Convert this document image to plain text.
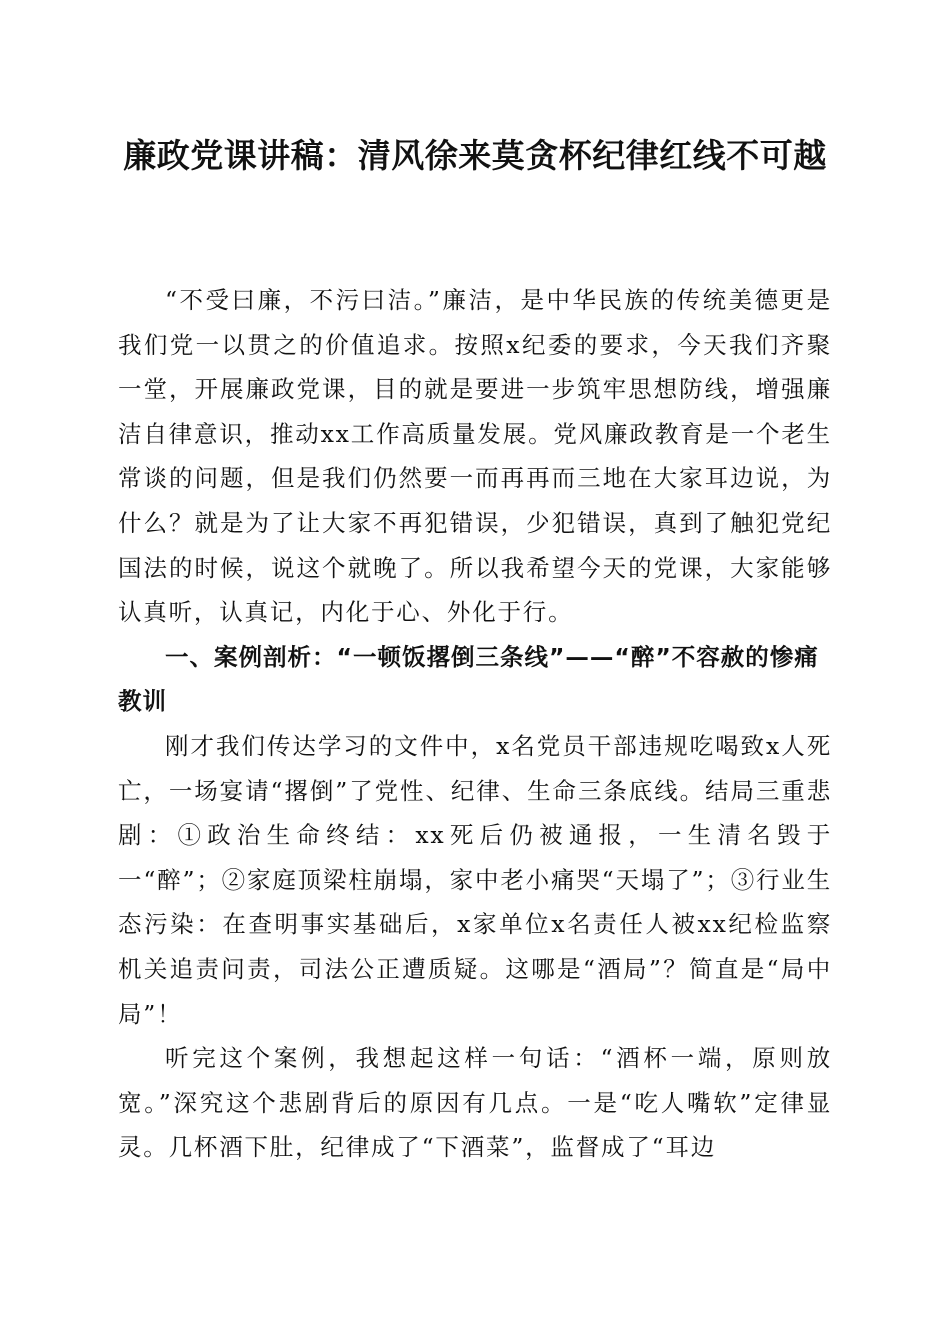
廉政党课讲稿：清风徐来莫贪杯纪律红线不可越

“不受曰廉，不污曰洁。”廉洁，是中华民族的传统美德更是我们党一以贯之的价值追求。按照x纪委的要求，今天我们齐聚一堂，开展廉政党课，目的就是要进一步筑牢思想防线，增强廉洁自律意识，推动xx工作高质量发展。党风廉政教育是一个老生常谈的问题，但是我们仍然要一而再再而三地在大家耳边说，为什么？就是为了让大家不再犯错误，少犯错误，真到了触犯党纪国法的时候，说这个就晚了。所以我希望今天的党课，大家能够认真听，认真记，内化于心、外化于行。

一、案例剖析：“一顿饭撂倒三条线”——“醉”不容赦的惨痛教训

刚才我们传达学习的文件中，x名党员干部违规吃喝致x人死亡，一场宴请“撂倒”了党性、纪律、生命三条底线。结局三重悲剧：①政治生命终结：xx死后仍被通报，一生清名毁于一“醉”；②家庭顶梁柱崩塌，家中老小痛哭“天塌了”；③行业生态污染：在查明事实基础后，x家单位x名责任人被xx纪检监察机关追责问责，司法公正遭质疑。这哪是“酒局”？简直是“局中局”！

听完这个案例，我想起这样一句话：“酒杯一端，原则放宽。”深究这个悲剧背后的原因有几点。一是“吃人嘴软”定律显灵。几杯酒下肚，纪律成了“下酒菜”，监督成了“耳边
